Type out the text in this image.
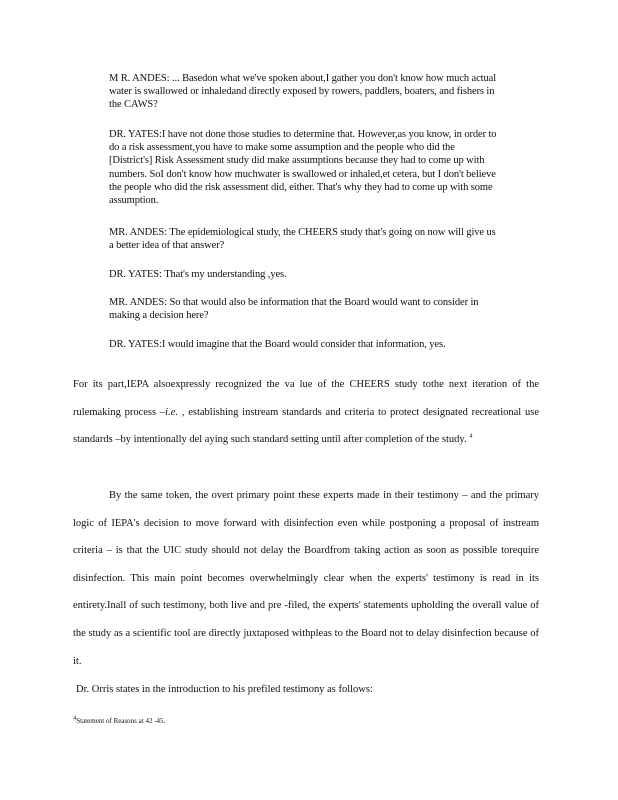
M R. ANDES: ... Basedon what we've spoken about,I gather you don't know how much actual water is swallowed or inhaledand directly exposed by rowers, paddlers, boaters, and fishers in the CAWS?

DR. YATES:I have not done those studies to determine that. However,as you know, in order to do a risk assessment,you have to make some assumption and the people who did the [District's] Risk Assessment study did make assumptions because they had to come up with numbers. SoI don't know how muchwater is swallowed or inhaled,et cetera, but I don't believe the people who did the risk assessment did, either. That's why they had to come up with some assumption.

MR. ANDES: The epidemiological study, the CHEERS study that's going on now will give us a better idea of that answer?

DR. YATES: That's my understanding ,yes.

MR. ANDES: So that would also be information that the Board would want to consider in making a decision here?

DR. YATES:I would imagine that the Board would consider that information, yes.

For its part,IEPA alsoexpressly recognized the va lue of the CHEERS study tothe next iteration of the rulemaking process –i.e. , establishing instream standards and criteria to protect designated recreational use standards –by intentionally del aying such standard setting until after completion of the study. $^4$
By the same token, the overt primary point these experts made in their testimony – and the primary logic of IEPA's decision to move forward with disinfection even while postponing a proposal of instream criteria – is that the UIC study should not delay the Boardfrom taking action as soon as possible torequire disinfection. This main point becomes overwhelmingly clear when the experts' testimony is read in its entirety.Inall of such testimony, both live and pre -filed, the experts' statements upholding the overall value of the study as a scientific tool are directly juxtaposed withpleas to the Board not to delay disinfection because of it.
Dr. Orris states in the introduction to his prefiled testimony as follows:
$^4$Statement of Reasons at 42 -45.
